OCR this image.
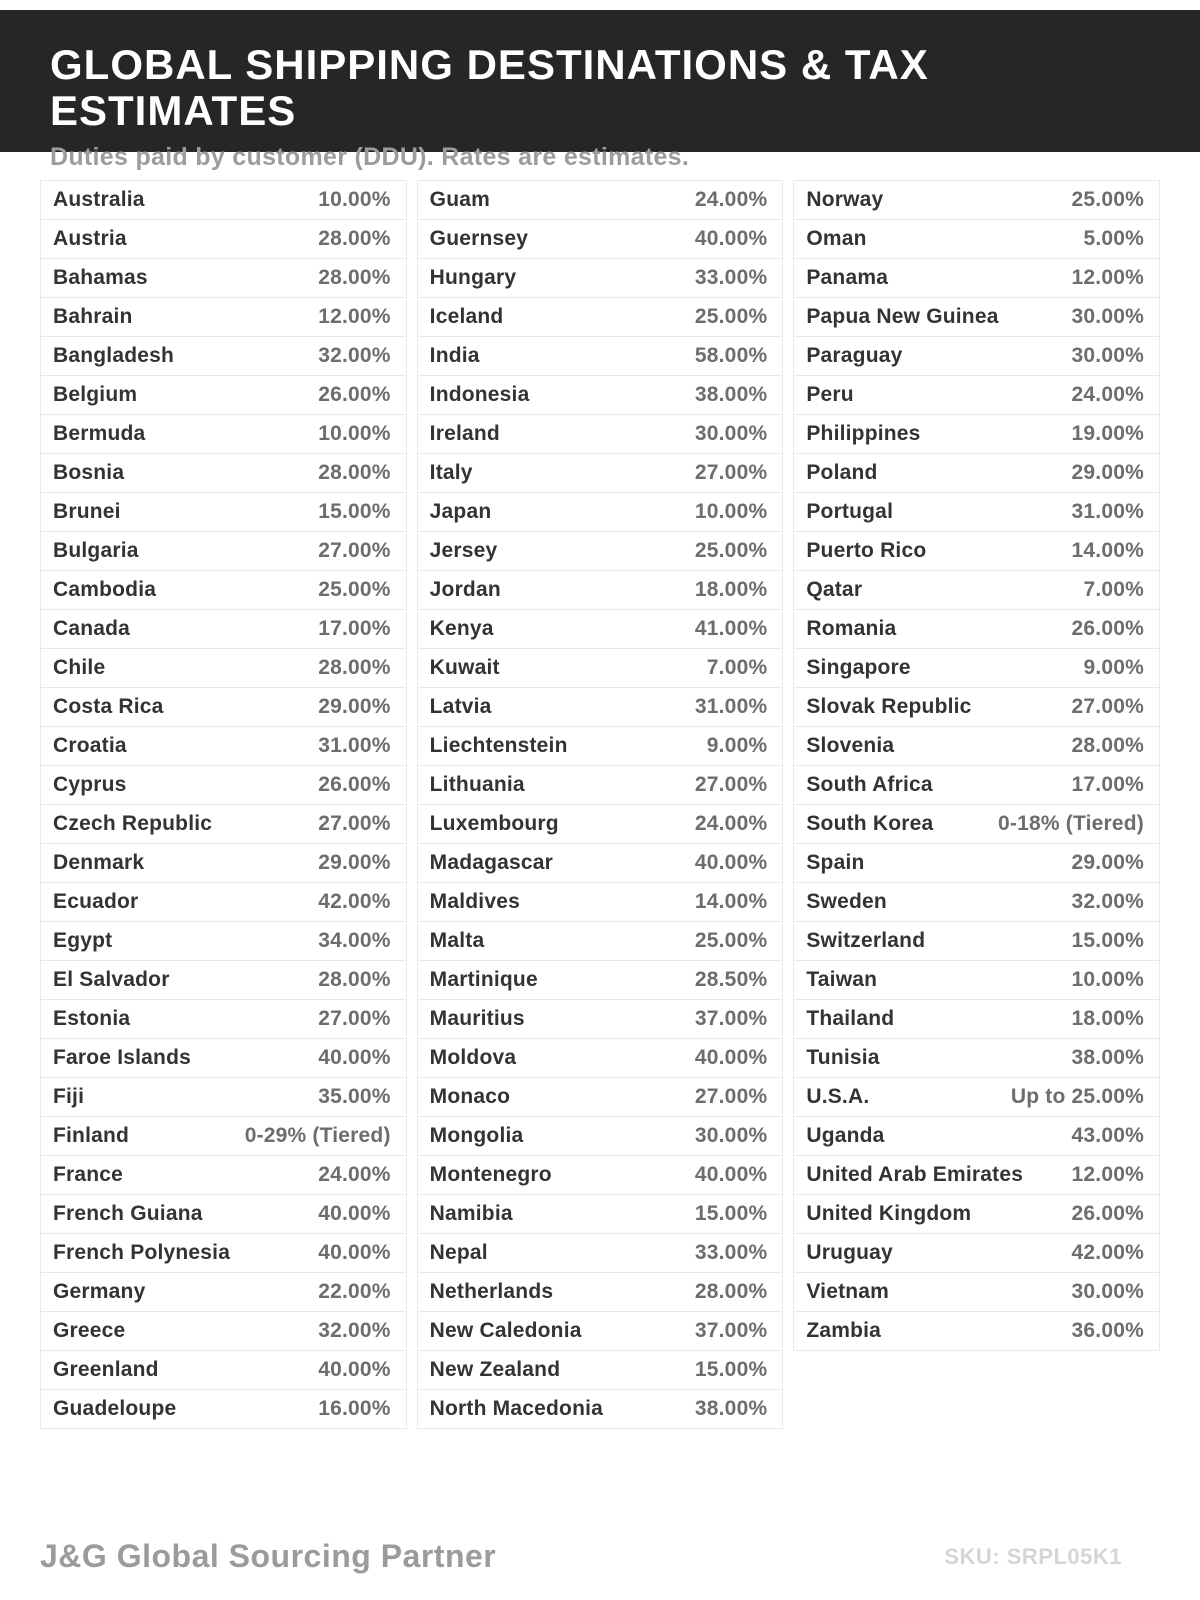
GLOBAL SHIPPING DESTINATIONS & TAX ESTIMATES

Duties paid by customer (DDU). Rates are estimates.

Australia	10.00%
Austria	28.00%
Bahamas	28.00%
Bahrain	12.00%
Bangladesh	32.00%
Belgium	26.00%
Bermuda	10.00%
Bosnia	28.00%
Brunei	15.00%
Bulgaria	27.00%
Cambodia	25.00%
Canada	17.00%
Chile	28.00%
Costa Rica	29.00%
Croatia	31.00%
Cyprus	26.00%
Czech Republic	27.00%
Denmark	29.00%
Ecuador	42.00%
Egypt	34.00%
El Salvador	28.00%
Estonia	27.00%
Faroe Islands	40.00%
Fiji	35.00%
Finland	0-29% (Tiered)
France	24.00%
French Guiana	40.00%
French Polynesia	40.00%
Germany	22.00%
Greece	32.00%
Greenland	40.00%
Guadeloupe	16.00%
Guam	24.00%
Guernsey	40.00%
Hungary	33.00%
Iceland	25.00%
India	58.00%
Indonesia	38.00%
Ireland	30.00%
Italy	27.00%
Japan	10.00%
Jersey	25.00%
Jordan	18.00%
Kenya	41.00%
Kuwait	7.00%
Latvia	31.00%
Liechtenstein	9.00%
Lithuania	27.00%
Luxembourg	24.00%
Madagascar	40.00%
Maldives	14.00%
Malta	25.00%
Martinique	28.50%
Mauritius	37.00%
Moldova	40.00%
Monaco	27.00%
Mongolia	30.00%
Montenegro	40.00%
Namibia	15.00%
Nepal	33.00%
Netherlands	28.00%
New Caledonia	37.00%
New Zealand	15.00%
North Macedonia	38.00%
Norway	25.00%
Oman	5.00%
Panama	12.00%
Papua New Guinea	30.00%
Paraguay	30.00%
Peru	24.00%
Philippines	19.00%
Poland	29.00%
Portugal	31.00%
Puerto Rico	14.00%
Qatar	7.00%
Romania	26.00%
Singapore	9.00%
Slovak Republic	27.00%
Slovenia	28.00%
South Africa	17.00%
South Korea	0-18% (Tiered)
Spain	29.00%
Sweden	32.00%
Switzerland	15.00%
Taiwan	10.00%
Thailand	18.00%
Tunisia	38.00%
U.S.A.	Up to 25.00%
Uganda	43.00%
United Arab Emirates 12.00%
United Kingdom	26.00%
Uruguay	42.00%
Vietnam	30.00%
Zambia	36.00%
J&G Global Sourcing Partner	SKU: SRPL05K1
